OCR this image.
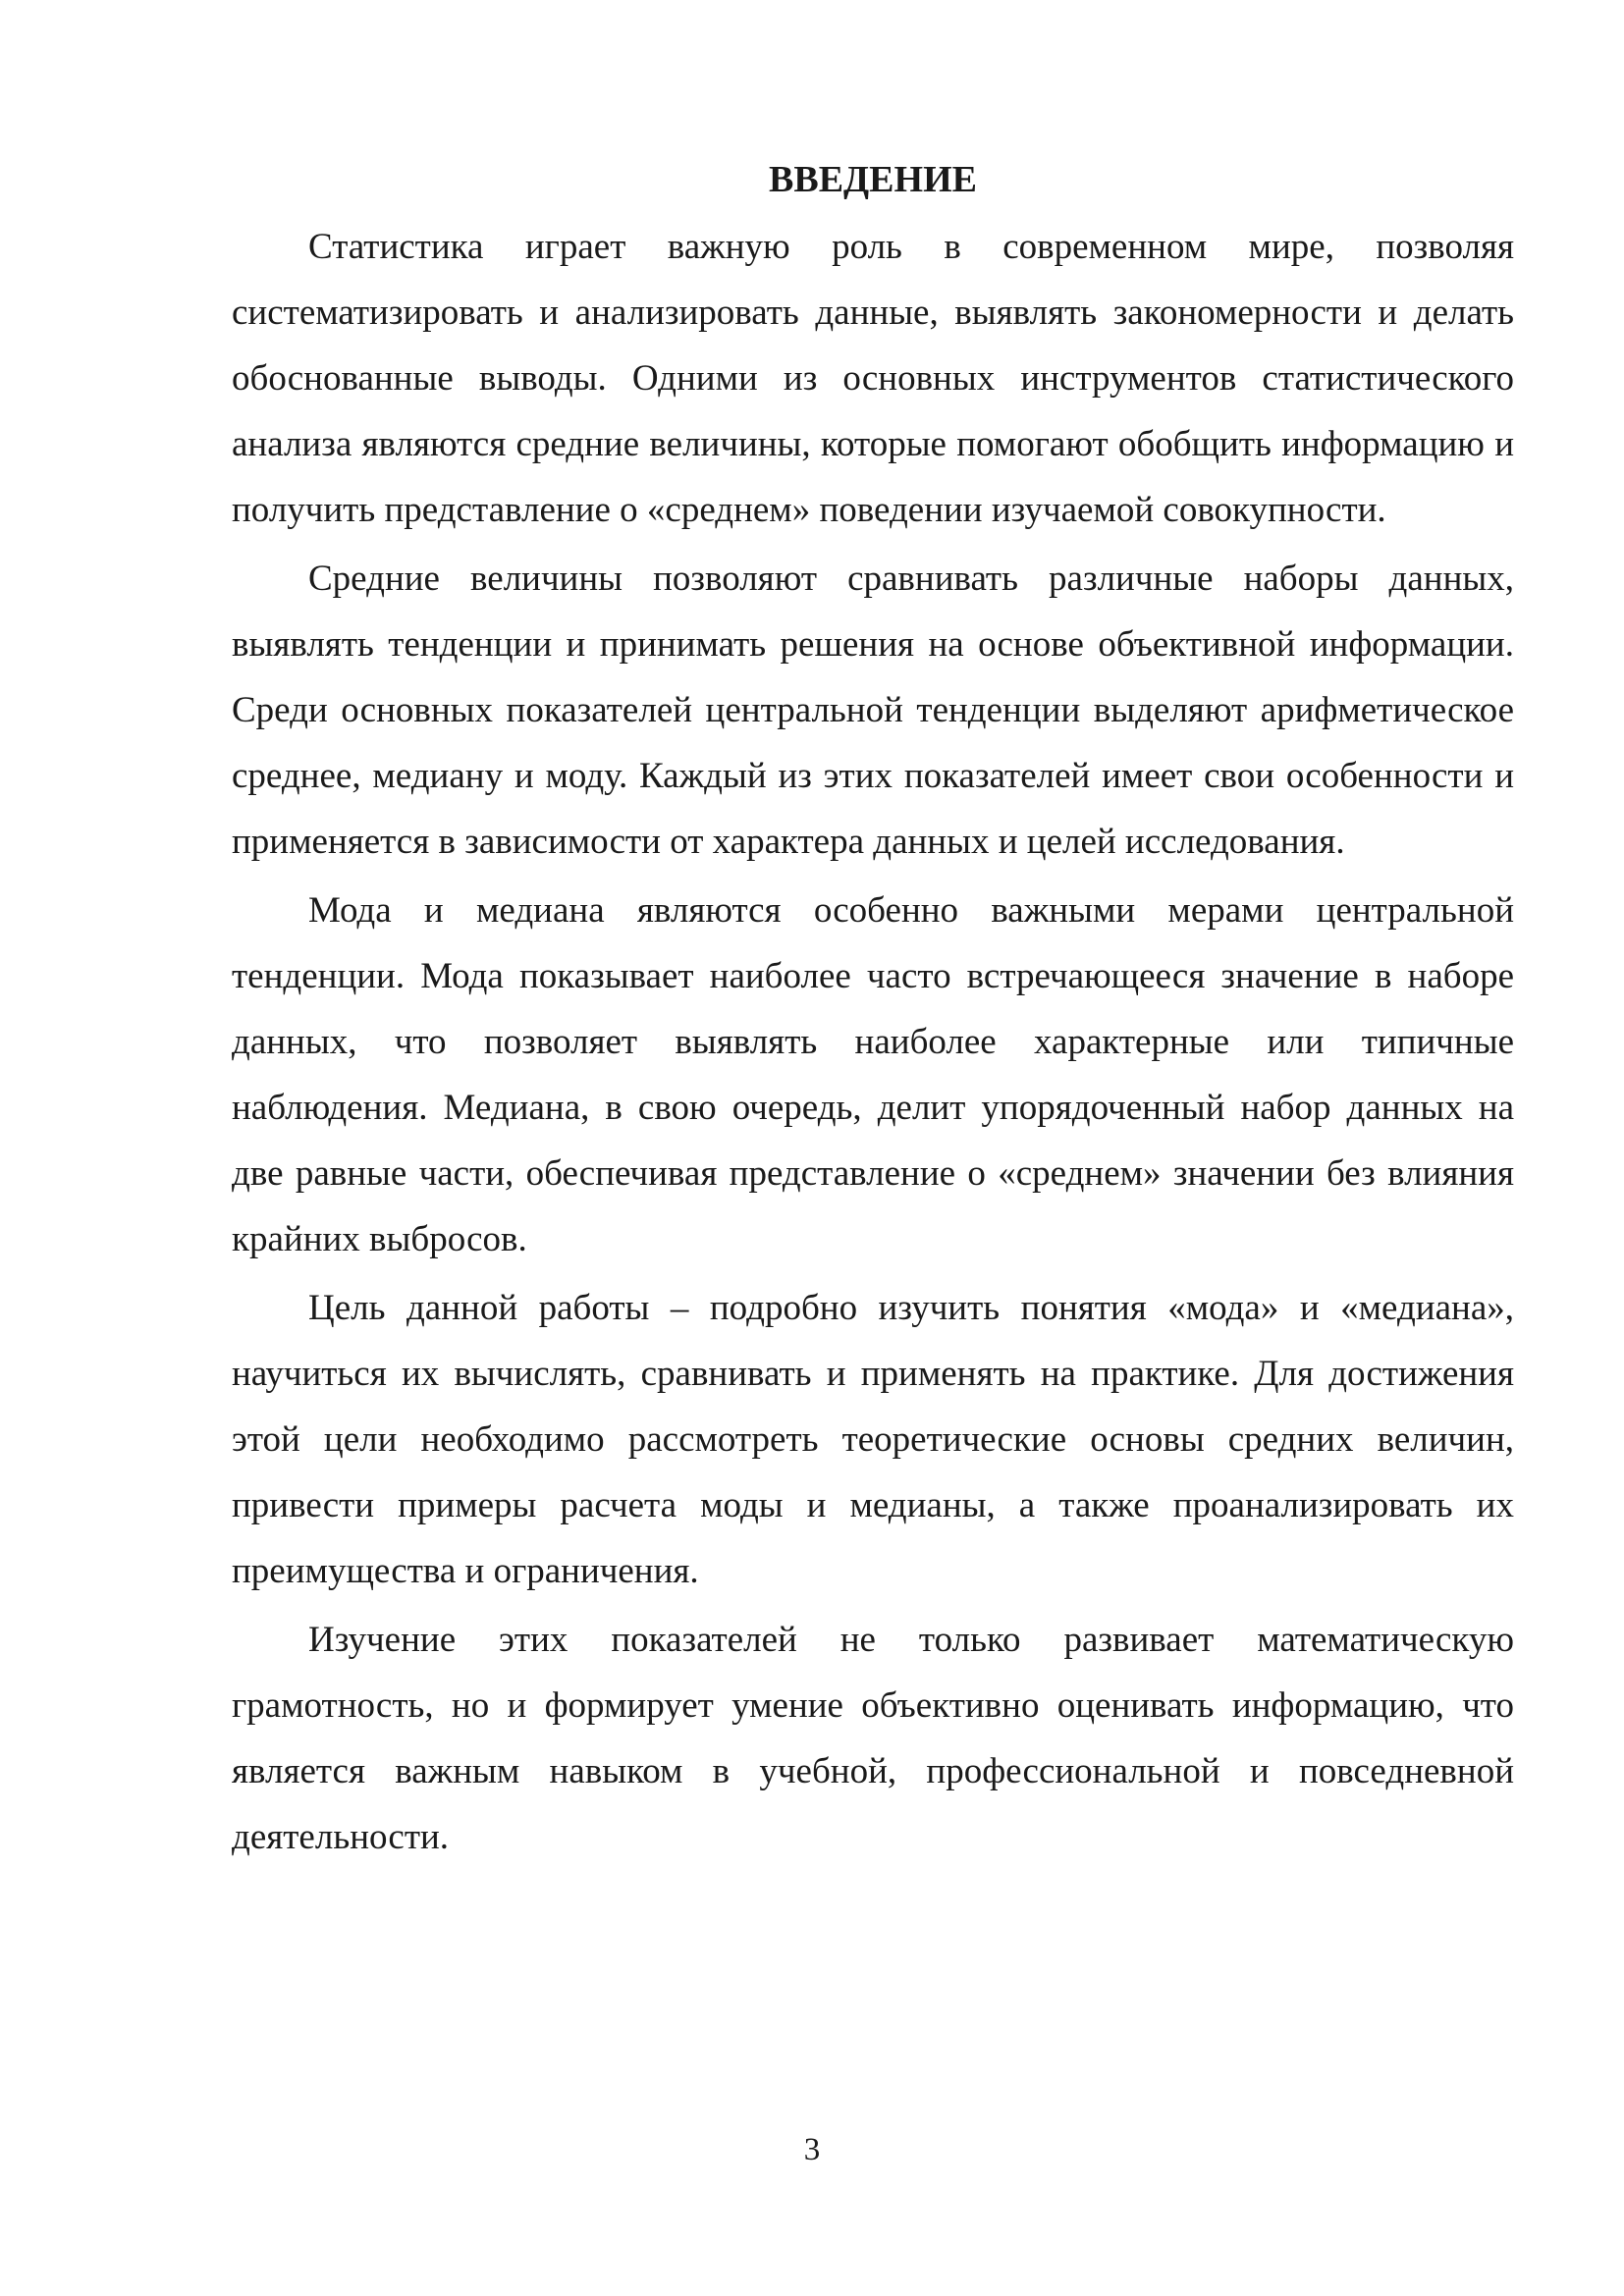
ВВЕДЕНИЕ

Статистика играет важную роль в современном мире, позволяя систематизировать и анализировать данные, выявлять закономерности и делать обоснованные выводы. Одними из основных инструментов статистического анализа являются средние величины, которые помогают обобщить информацию и получить представление о «среднем» поведении изучаемой совокупности.

Средние величины позволяют сравнивать различные наборы данных, выявлять тенденции и принимать решения на основе объективной информации. Среди основных показателей центральной тенденции выделяют арифметическое среднее, медиану и моду. Каждый из этих показателей имеет свои особенности и применяется в зависимости от характера данных и целей исследования.

Мода и медиана являются особенно важными мерами центральной тенденции. Мода показывает наиболее часто встречающееся значение в наборе данных, что позволяет выявлять наиболее характерные или типичные наблюдения. Медиана, в свою очередь, делит упорядоченный набор данных на две равные части, обеспечивая представление о «среднем» значении без влияния крайних выбросов.

Цель данной работы – подробно изучить понятия «мода» и «медиана», научиться их вычислять, сравнивать и применять на практике. Для достижения этой цели необходимо рассмотреть теоретические основы средних величин, привести примеры расчета моды и медианы, а также проанализировать их преимущества и ограничения.

Изучение этих показателей не только развивает математическую грамотность, но и формирует умение объективно оценивать информацию, что является важным навыком в учебной, профессиональной и повседневной деятельности.

3
